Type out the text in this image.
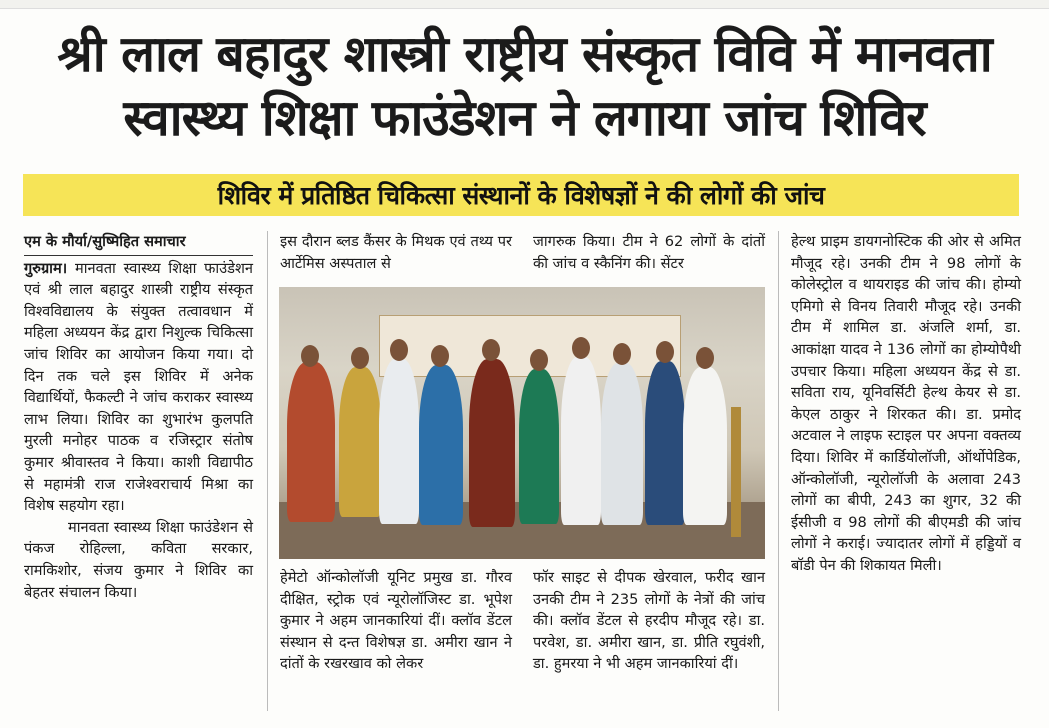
श्री लाल बहादुर शास्त्री राष्ट्रीय संस्कृत विवि में मानवता
स्वास्थ्य शिक्षा फाउंडेशन ने लगाया जांच शिविर
शिविर में प्रतिष्ठित चिकित्सा संस्थानों के विशेषज्ञों ने की लोगों की जांच
एम के मौर्या/सुष्मिहित समाचार

गुरुग्राम। मानवता स्वास्थ्य शिक्षा फाउंडेशन एवं श्री लाल बहादुर शास्त्री राष्ट्रीय संस्कृत विश्वविद्यालय के संयुक्त तत्वावधान में महिला अध्ययन केंद्र द्वारा निशुल्क चिकित्सा जांच शिविर का आयोजन किया गया। दो दिन तक चले इस शिविर में अनेक विद्यार्थियों, फैकल्टी ने जांच कराकर स्वास्थ्य लाभ लिया। शिविर का शुभारंभ कुलपति मुरली मनोहर पाठक व रजिस्ट्रार संतोष कुमार श्रीवास्तव ने किया। काशी विद्यापीठ से महामंत्री राज राजेश्वराचार्य मिश्रा का विशेष सहयोग रहा।

मानवता स्वास्थ्य शिक्षा फाउंडेशन से पंकज रोहिल्ला, कविता सरकार, रामकिशोर, संजय कुमार ने शिविर का बेहतर संचालन किया।

इस दौरान ब्लड कैंसर के मिथक एवं तथ्य पर आर्टेमिस अस्पताल से

जागरुक किया। टीम ने 62 लोगों के दांतों की जांच व स्कैनिंग की। सेंटर

हेमेटो ऑन्कोलॉजी यूनिट प्रमुख डा. गौरव दीक्षित, स्ट्रोक एवं न्यूरोलॉजिस्ट डा. भूपेश कुमार ने अहम जानकारियां दीं। क्लॉव डेंटल संस्थान से दन्त विशेषज्ञ डा. अमीरा खान ने दांतों के रखरखाव को लेकर

फॉर साइट से दीपक खेरवाल, फरीद खान उनकी टीम ने 235 लोगों के नेत्रों की जांच की। क्लॉव डेंटल से हरदीप मौजूद रहे। डा. परवेश, डा. अमीरा खान, डा. प्रीति रघुवंशी, डा. हुमरया ने भी अहम जानकारियां दीं।

हेल्थ प्राइम डायगनोस्टिक की ओर से अमित मौजूद रहे। उनकी टीम ने 98 लोगों के कोलेस्ट्रोल व थायराइड की जांच की। होम्यो एमिगो से विनय तिवारी मौजूद रहे। उनकी टीम में शामिल डा. अंजलि शर्मा, डा. आकांक्षा यादव ने 136 लोगों का होम्योपैथी उपचार किया। महिला अध्ययन केंद्र से डा. सविता राय, यूनिवर्सिटी हेल्थ केयर से डा. केएल ठाकुर ने शिरकत की। डा. प्रमोद अटवाल ने लाइफ स्टाइल पर अपना वक्तव्य दिया। शिविर में कार्डियोलॉजी, ऑर्थोपेडिक, ऑन्कोलॉजी, न्यूरोलॉजी के अलावा 243 लोगों का बीपी, 243 का शुगर, 32 की ईसीजी व 98 लोगों की बीएमडी की जांच लोगों ने कराई। ज्यादातर लोगों में हड्डियों व बॉडी पेन की शिकायत मिली।
